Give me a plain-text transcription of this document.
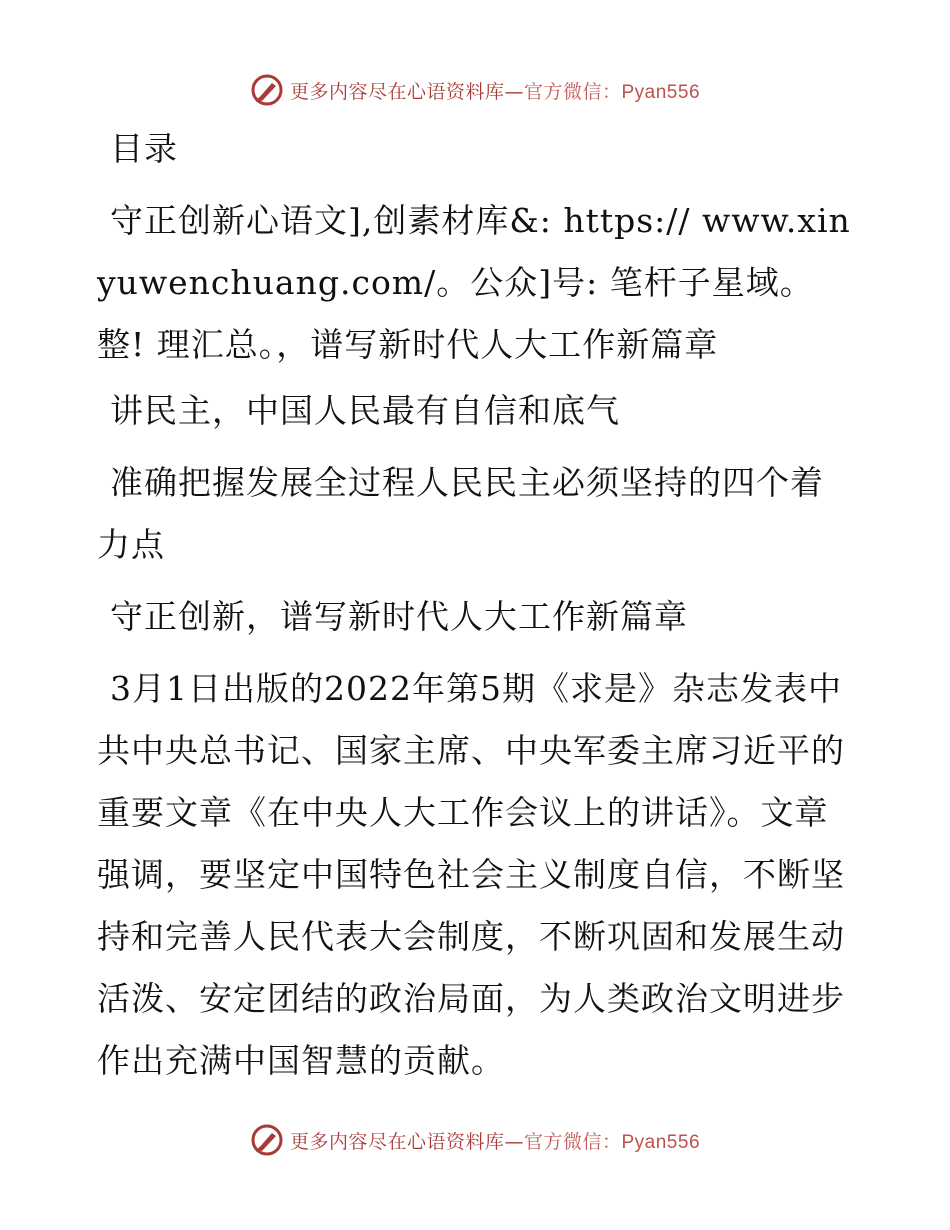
更多内容尽在心语资料库—官方微信：Pyan556

目录

守正创新心语文],创素材库&: https:// www.xinyuwenchuang.com/。公众]号: 笔杆子星域。整! 理汇总。，谱写新时代人大工作新篇章

讲民主，中国人民最有自信和底气

准确把握发展全过程人民民主必须坚持的四个着力点

守正创新，谱写新时代人大工作新篇章

3月1日出版的2022年第5期《求是》杂志发表中共中央总书记、国家主席、中央军委主席习近平的重要文章《在中央人大工作会议上的讲话》。文章强调，要坚定中国特色社会主义制度自信，不断坚持和完善人民代表大会制度，不断巩固和发展生动活泼、安定团结的政治局面，为人类政治文明进步作出充满中国智慧的贡献。

更多内容尽在心语资料库—官方微信：Pyan556
